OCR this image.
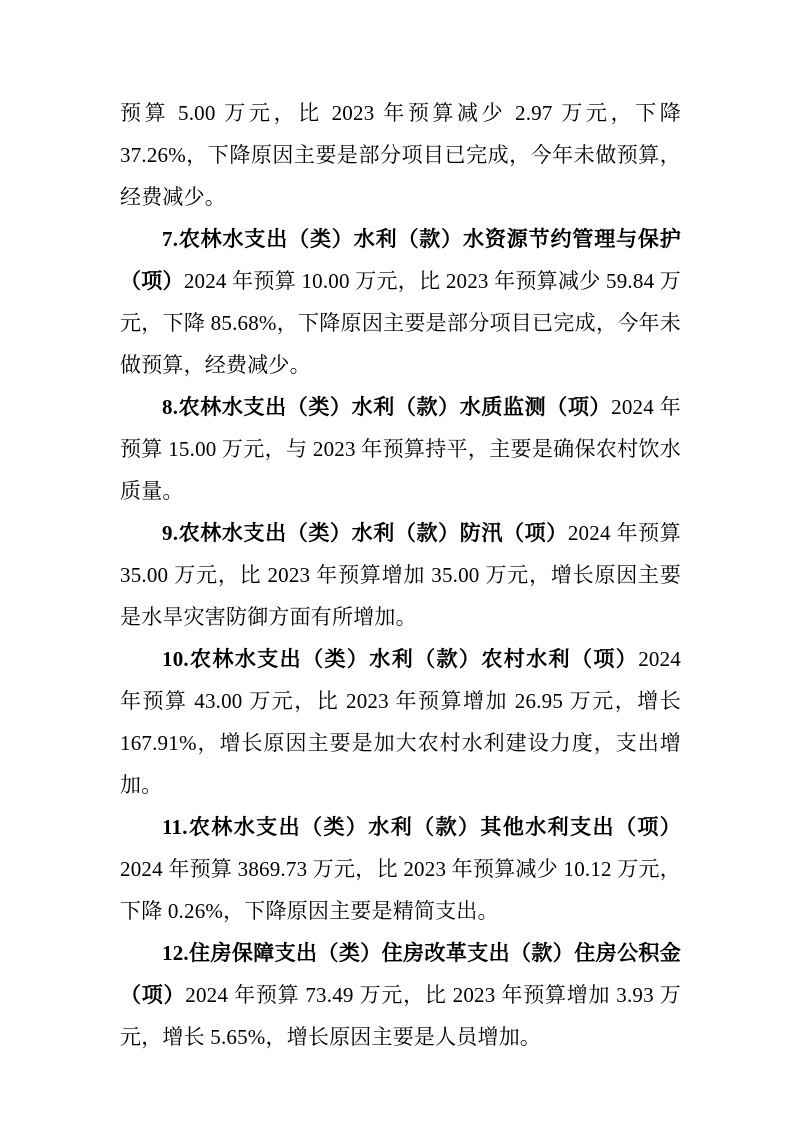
预算 5.00 万元，比 2023 年预算减少 2.97 万元，下降 37.26%，下降原因主要是部分项目已完成，今年未做预算，经费减少。

7.农林水支出（类）水利（款）水资源节约管理与保护（项）2024 年预算 10.00 万元，比 2023 年预算减少 59.84 万元，下降 85.68%，下降原因主要是部分项目已完成，今年未做预算，经费减少。

8.农林水支出（类）水利（款）水质监测（项）2024 年预算 15.00 万元，与 2023 年预算持平，主要是确保农村饮水质量。

9.农林水支出（类）水利（款）防汛（项）2024 年预算 35.00 万元，比 2023 年预算增加 35.00 万元，增长原因主要是水旱灾害防御方面有所增加。

10.农林水支出（类）水利（款）农村水利（项）2024 年预算 43.00 万元，比 2023 年预算增加 26.95 万元，增长 167.91%，增长原因主要是加大农村水利建设力度，支出增加。

11.农林水支出（类）水利（款）其他水利支出（项）2024 年预算 3869.73 万元，比 2023 年预算减少 10.12 万元，下降 0.26%，下降原因主要是精简支出。

12.住房保障支出（类）住房改革支出（款）住房公积金（项）2024 年预算 73.49 万元，比 2023 年预算增加 3.93 万元，增长 5.65%，增长原因主要是人员增加。
